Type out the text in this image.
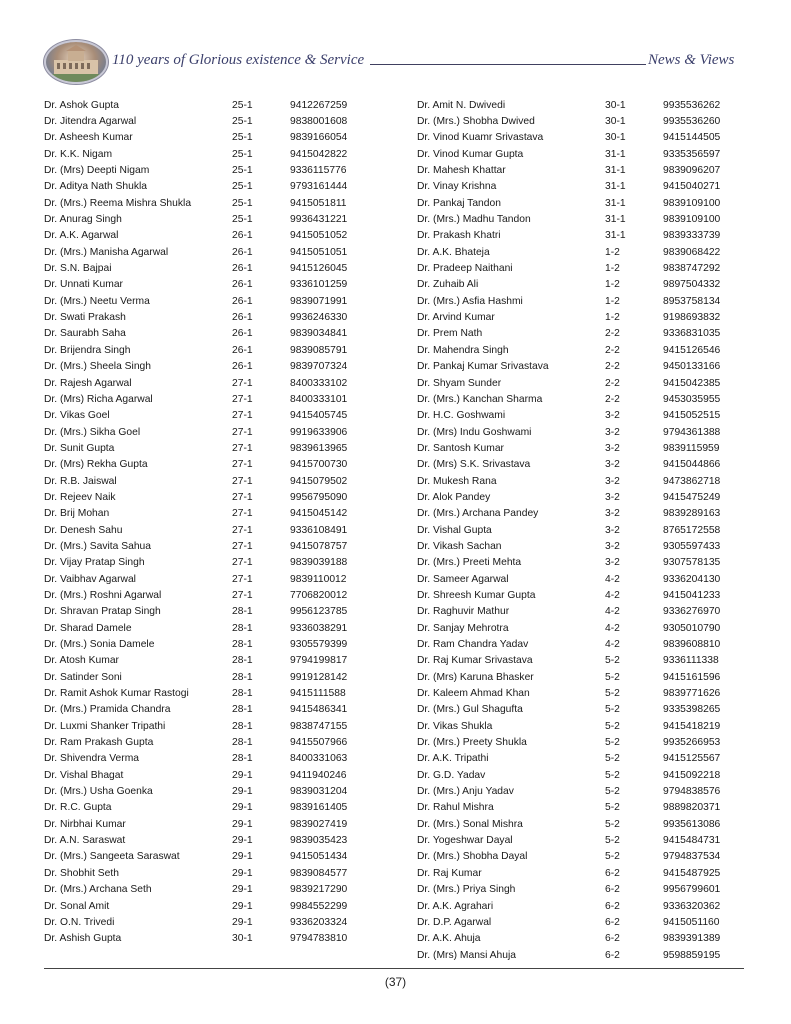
110 years of Glorious existence & Service	News & Views
Dr. Ashok Gupta	25-1	9412267259
Dr. Jitendra Agarwal	25-1	9838001608
Dr. Asheesh Kumar	25-1	9839166054
Dr. K.K. Nigam	25-1	9415042822
Dr. (Mrs) Deepti Nigam	25-1	9336115776
Dr. Aditya Nath Shukla	25-1	9793161444
Dr. (Mrs.) Reema Mishra Shukla	25-1	9415051811
Dr. Anurag Singh	25-1	9936431221
Dr. A.K. Agarwal	26-1	9415051052
Dr. (Mrs.) Manisha Agarwal	26-1	9415051051
Dr. S.N. Bajpai	26-1	9415126045
Dr. Unnati Kumar	26-1	9336101259
Dr. (Mrs.) Neetu Verma	26-1	9839071991
Dr. Swati Prakash	26-1	9936246330
Dr. Saurabh Saha	26-1	9839034841
Dr. Brijendra Singh	26-1	9839085791
Dr. (Mrs.) Sheela Singh	26-1	9839707324
Dr. Rajesh Agarwal	27-1	8400333102
Dr. (Mrs) Richa Agarwal	27-1	8400333101
Dr. Vikas Goel	27-1	9415405745
Dr. (Mrs.) Sikha Goel	27-1	9919633906
Dr. Sunit Gupta	27-1	9839613965
Dr. (Mrs) Rekha Gupta	27-1	9415700730
Dr. R.B. Jaiswal	27-1	9415079502
Dr. Rejeev Naik	27-1	9956795090
Dr. Brij Mohan	27-1	9415045142
Dr. Denesh Sahu	27-1	9336108491
Dr. (Mrs.) Savita Sahua	27-1	9415078757
Dr. Vijay Pratap Singh	27-1	9839039188
Dr. Vaibhav Agarwal	27-1	9839110012
Dr. (Mrs.) Roshni Agarwal	27-1	7706820012
Dr. Shravan Pratap Singh	28-1	9956123785
Dr. Sharad Damele	28-1	9336038291
Dr. (Mrs.) Sonia Damele	28-1	9305579399
Dr. Atosh Kumar	28-1	9794199817
Dr. Satinder Soni	28-1	9919128142
Dr. Ramit Ashok Kumar Rastogi	28-1	9415111588
Dr. (Mrs.) Pramida Chandra	28-1	9415486341
Dr. Luxmi Shanker Tripathi	28-1	9838747155
Dr. Ram Prakash Gupta	28-1	9415507966
Dr. Shivendra Verma	28-1	8400331063
Dr. Vishal Bhagat	29-1	9411940246
Dr. (Mrs.) Usha Goenka	29-1	9839031204
Dr. R.C. Gupta	29-1	9839161405
Dr. Nirbhai Kumar	29-1	9839027419
Dr. A.N. Saraswat	29-1	9839035423
Dr. (Mrs.) Sangeeta Saraswat	29-1	9415051434
Dr. Shobhit Seth	29-1	9839084577
Dr. (Mrs.) Archana Seth	29-1	9839217290
Dr. Sonal Amit	29-1	9984552299
Dr. O.N. Trivedi	29-1	9336203324
Dr. Ashish Gupta	30-1	9794783810
Dr. Amit N. Dwivedi	30-1	9935536262
Dr. (Mrs.) Shobha Dwived	30-1	9935536260
Dr. Vinod Kuamr Srivastava	30-1	9415144505
Dr. Vinod Kumar Gupta	31-1	9335356597
Dr. Mahesh Khattar	31-1	9839096207
Dr. Vinay Krishna	31-1	9415040271
Dr. Pankaj Tandon	31-1	9839109100
Dr. (Mrs.) Madhu Tandon	31-1	9839109100
Dr. Prakash Khatri	31-1	9839333739
Dr. A.K. Bhateja	1-2	9839068422
Dr. Pradeep Naithani	1-2	9838747292
Dr. Zuhaib Ali	1-2	9897504332
Dr. (Mrs.) Asfia Hashmi	1-2	8953758134
Dr. Arvind Kumar	1-2	9198693832
Dr. Prem Nath	2-2	9336831035
Dr. Mahendra Singh	2-2	9415126546
Dr. Pankaj Kumar Srivastava	2-2	9450133166
Dr. Shyam Sunder	2-2	9415042385
Dr. (Mrs.) Kanchan Sharma	2-2	9453035955
Dr. H.C. Goshwami	3-2	9415052515
Dr. (Mrs) Indu Goshwami	3-2	9794361388
Dr. Santosh Kumar	3-2	9839115959
Dr. (Mrs) S.K. Srivastava	3-2	9415044866
Dr. Mukesh Rana	3-2	9473862718
Dr. Alok Pandey	3-2	9415475249
Dr. (Mrs.) Archana Pandey	3-2	9839289163
Dr. Vishal Gupta	3-2	8765172558
Dr. Vikash Sachan	3-2	9305597433
Dr. (Mrs.) Preeti Mehta	3-2	9307578135
Dr. Sameer Agarwal	4-2	9336204130
Dr. Shreesh Kumar Gupta	4-2	9415041233
Dr. Raghuvir Mathur	4-2	9336276970
Dr. Sanjay Mehrotra	4-2	9305010790
Dr. Ram Chandra Yadav	4-2	9839608810
Dr. Raj Kumar Srivastava	5-2	9336111338
Dr. (Mrs) Karuna Bhasker	5-2	9415161596
Dr. Kaleem Ahmad Khan	5-2	9839771626
Dr. (Mrs.) Gul Shagufta	5-2	9335398265
Dr. Vikas Shukla	5-2	9415418219
Dr. (Mrs.) Preety Shukla	5-2	9935266953
Dr. A.K. Tripathi	5-2	9415125567
Dr. G.D. Yadav	5-2	9415092218
Dr. (Mrs.) Anju Yadav	5-2	9794838576
Dr. Rahul Mishra	5-2	9889820371
Dr. (Mrs.) Sonal Mishra	5-2	9935613086
Dr. Yogeshwar Dayal	5-2	9415484731
Dr. (Mrs.) Shobha Dayal	5-2	9794837534
Dr. Raj Kumar	6-2	9415487925
Dr. (Mrs.) Priya Singh	6-2	9956799601
Dr. A.K. Agrahari	6-2	9336320362
Dr. D.P. Agarwal	6-2	9415051160
Dr. A.K. Ahuja	6-2	9839391389
Dr. (Mrs) Mansi Ahuja	6-2	9598859195
(37)
